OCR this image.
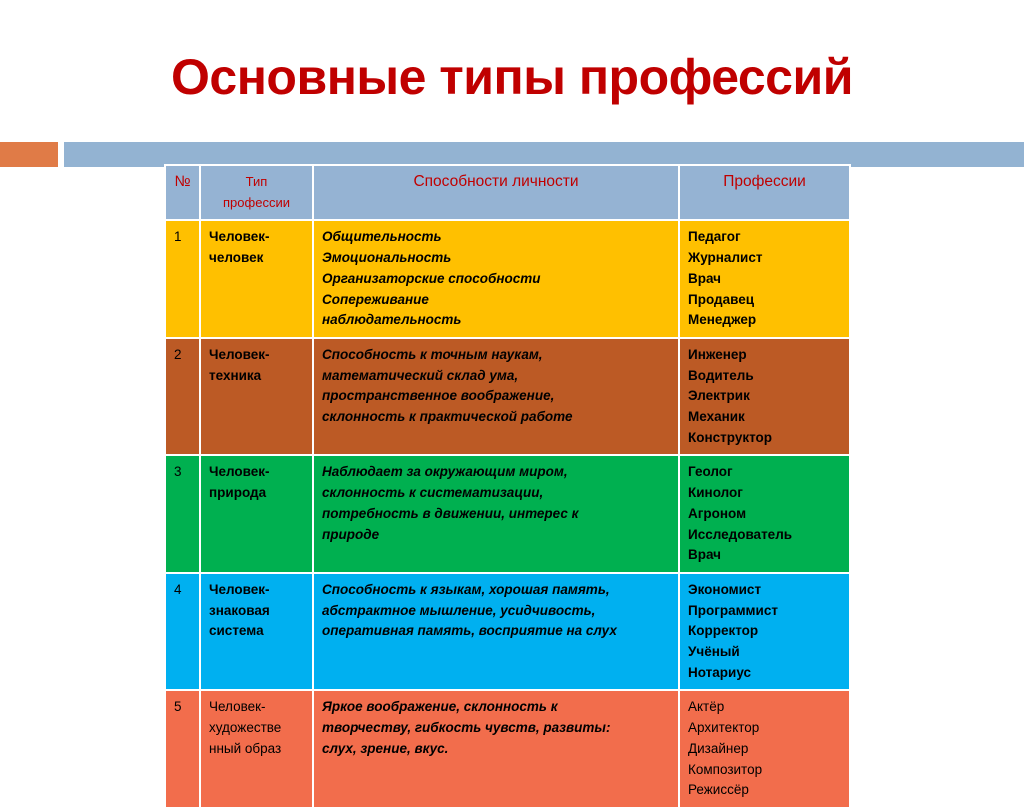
Основные типы профессий
№	Тип
профессии	Способности личности	Профессии
1	Человек-
человек	Общительность
Эмоциональность
Организаторские способности
Сопереживание
наблюдательность	Педагог
Журналист
Врач
Продавец
Менеджер

2	Человек-
техника	Способность к точным наукам,
математический склад ума,
пространственное воображение,
склонность к практической работе	Инженер
Водитель
Электрик
Механик
Конструктор

3	Человек-
природа	Наблюдает за окружающим миром,
склонность к систематизации,
потребность в движении, интерес к
природе	Геолог
Кинолог
Агроном
Исследователь
Врач

4	Человек-
знаковая
система	Способность к языкам, хорошая память,
абстрактное мышление, усидчивость,
оперативная память, восприятие на слух	Экономист
Программист
Корректор
Учёный
Нотариус

5	Человек-
художестве
нный образ	Яркое воображение, склонность к
творчеству, гибкость чувств, развиты:
слух, зрение, вкус.	Актёр
Архитектор
Дизайнер
Композитор
Режиссёр
